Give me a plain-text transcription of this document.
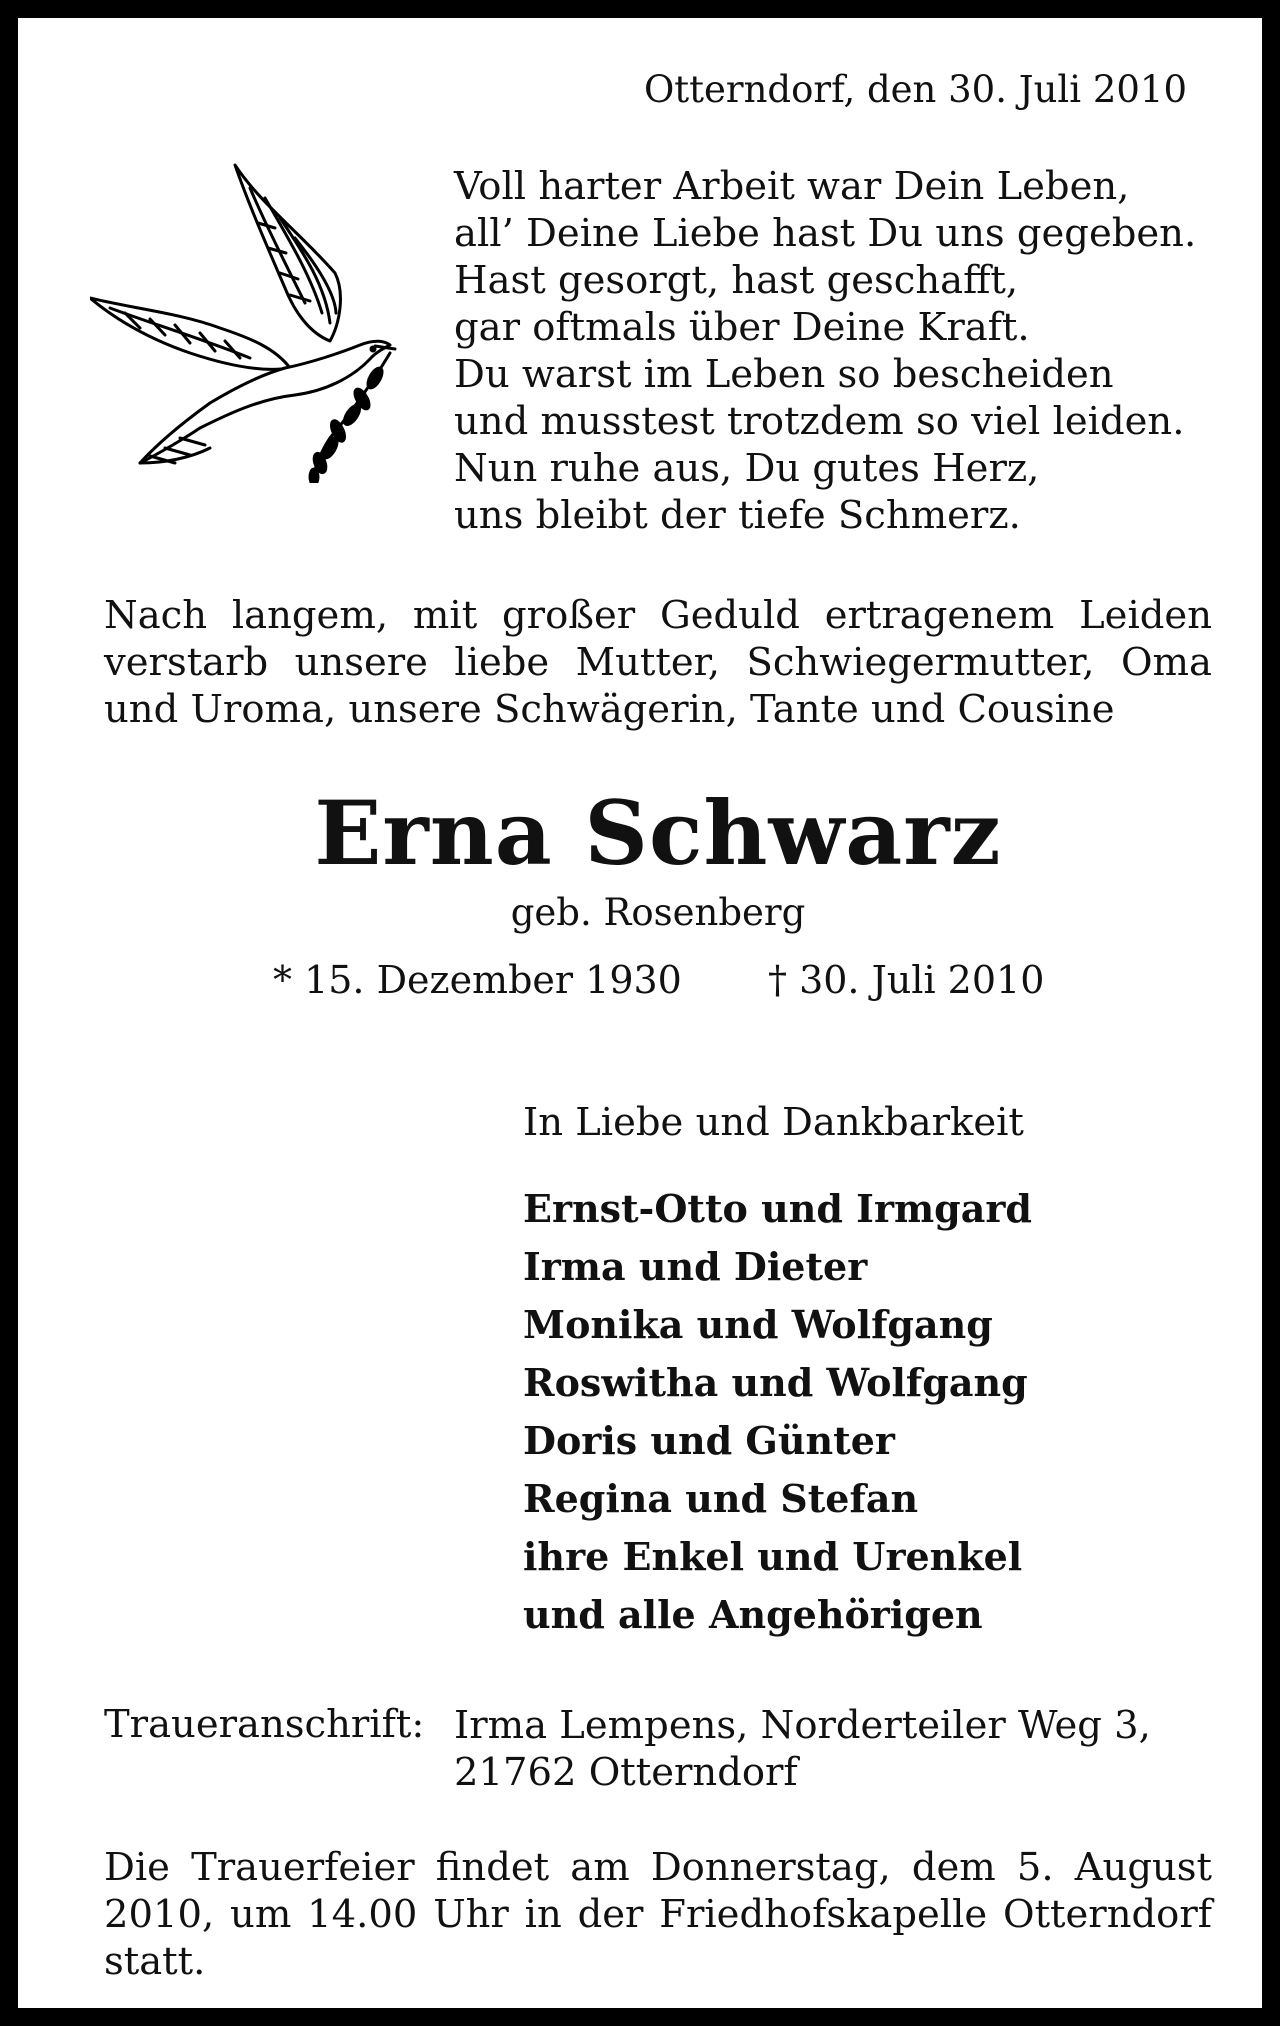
Otterndorf, den 30. Juli 2010
Voll harter Arbeit war Dein Leben,
all’ Deine Liebe hast Du uns gegeben.
Hast gesorgt, hast geschafft,
gar oftmals über Deine Kraft.
Du warst im Leben so bescheiden
und musstest trotzdem so viel leiden.
Nun ruhe aus, Du gutes Herz,
uns bleibt der tiefe Schmerz.
Nach langem, mit großer Geduld ertragenem Leiden
verstarb unsere liebe Mutter, Schwiegermutter, Oma
und Uroma, unsere Schwägerin, Tante und Cousine
Erna Schwarz
geb. Rosenberg
* 15. Dezember 1930 † 30. Juli 2010
In Liebe und Dankbarkeit
Ernst-Otto und Irmgard
Irma und Dieter
Monika und Wolfgang
Roswitha und Wolfgang
Doris und Günter
Regina und Stefan
ihre Enkel und Urenkel
und alle Angehörigen
Traueranschrift: Irma Lempens, Norderteiler Weg 3,
21762 Otterndorf
Die Trauerfeier findet am Donnerstag, dem 5. August
2010, um 14.00 Uhr in der Friedhofskapelle Otterndorf
statt.
